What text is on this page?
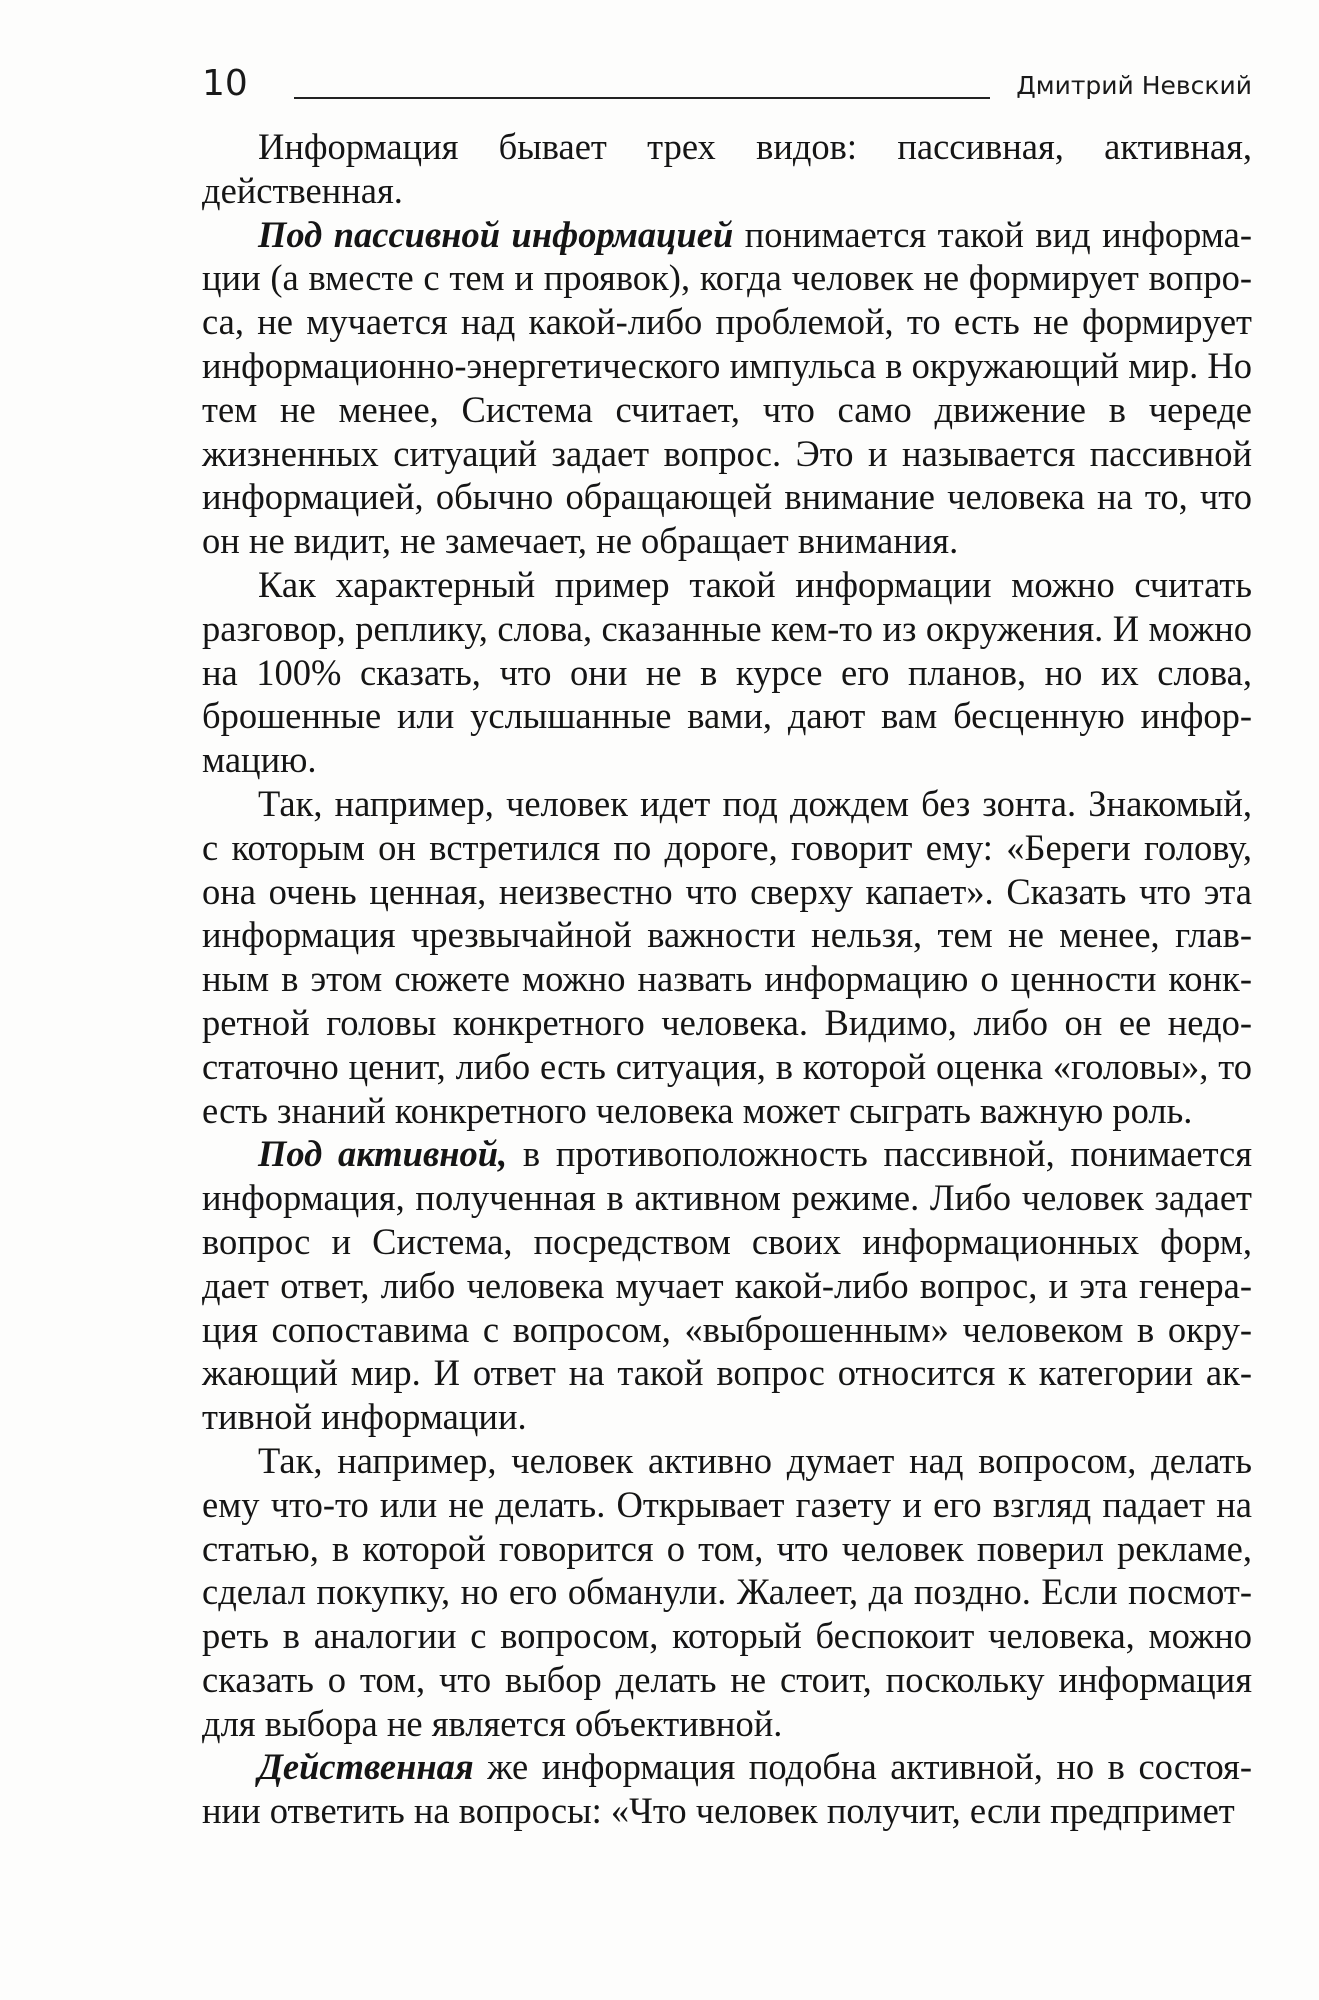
10	Дмитрий Невский

Информация бывает трех видов: пассивная, активная, действенная.

Под пассивной информацией понимается такой вид информации (а вместе с тем и проявок), когда человек не формирует вопроса, не мучается над какой-либо проблемой, то есть не формирует информационно-энергетического импульса в окружающий мир. Но тем не менее, Система считает, что само движение в череде жизненных ситуаций задает вопрос. Это и называется пассивной информацией, обычно обращающей внимание человека на то, что он не видит, не замечает, не обращает внимания.

Как характерный пример такой информации можно считать разговор, реплику, слова, сказанные кем-то из окружения. И можно на 100% сказать, что они не в курсе его планов, но их слова, брошенные или услышанные вами, дают вам бесценную информацию.

Так, например, человек идет под дождем без зонта. Знакомый, с которым он встретился по дороге, говорит ему: «Береги голову, она очень ценная, неизвестно что сверху капает». Сказать что эта информация чрезвычайной важности нельзя, тем не менее, главным в этом сюжете можно назвать информацию о ценности конкретной головы конкретного человека. Видимо, либо он ее недостаточно ценит, либо есть ситуация, в которой оценка «головы», то есть знаний конкретного человека может сыграть важную роль.

Под активной, в противоположность пассивной, понимается информация, полученная в активном режиме. Либо человек задает вопрос и Система, посредством своих информационных форм, дает ответ, либо человека мучает какой-либо вопрос, и эта генерация сопоставима с вопросом, «выброшенным» человеком в окружающий мир. И ответ на такой вопрос относится к категории активной информации.

Так, например, человек активно думает над вопросом, делать ему что-то или не делать. Открывает газету и его взгляд падает на статью, в которой говорится о том, что человек поверил рекламе, сделал покупку, но его обманули. Жалеет, да поздно. Если посмотреть в аналогии с вопросом, который беспокоит человека, можно сказать о том, что выбор делать не стоит, поскольку информация для выбора не является объективной.

Действенная же информация подобна активной, но в состоянии ответить на вопросы: «Что человек получит, если предпримет
